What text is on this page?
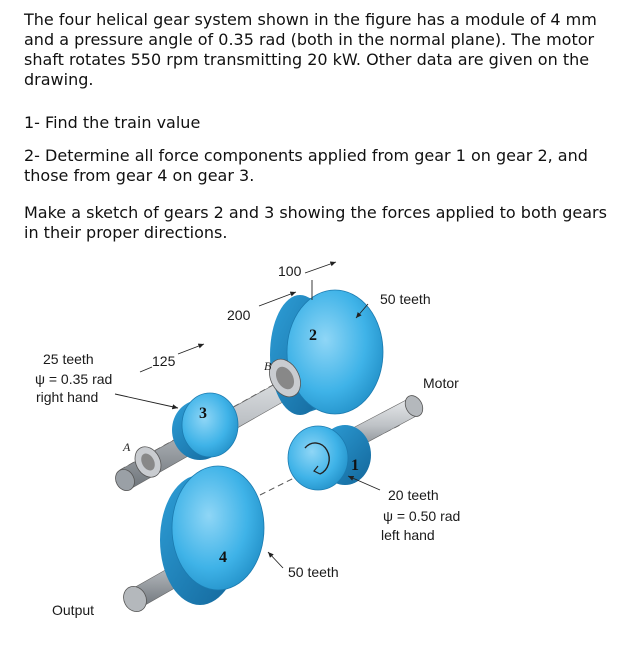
The four helical gear system shown in the figure has a module of 4 mm and a pressure angle of 0.35 rad (both in the normal plane). The motor shaft rotates 550 rpm transmitting 20 kW. Other data are given on the drawing.

1- Find the train value

2- Determine all force components applied from gear 1 on gear 2, and those from gear 4 on gear 3.

Make a sketch of gears 2 and 3 showing the forces applied to both gears in their proper directions.

2
3
1
4
B
A
100
200
125
50 teeth
25 teeth
ψ = 0.35 rad
right hand
Motor
20 teeth
ψ = 0.50 rad
left hand
50 teeth
Output
